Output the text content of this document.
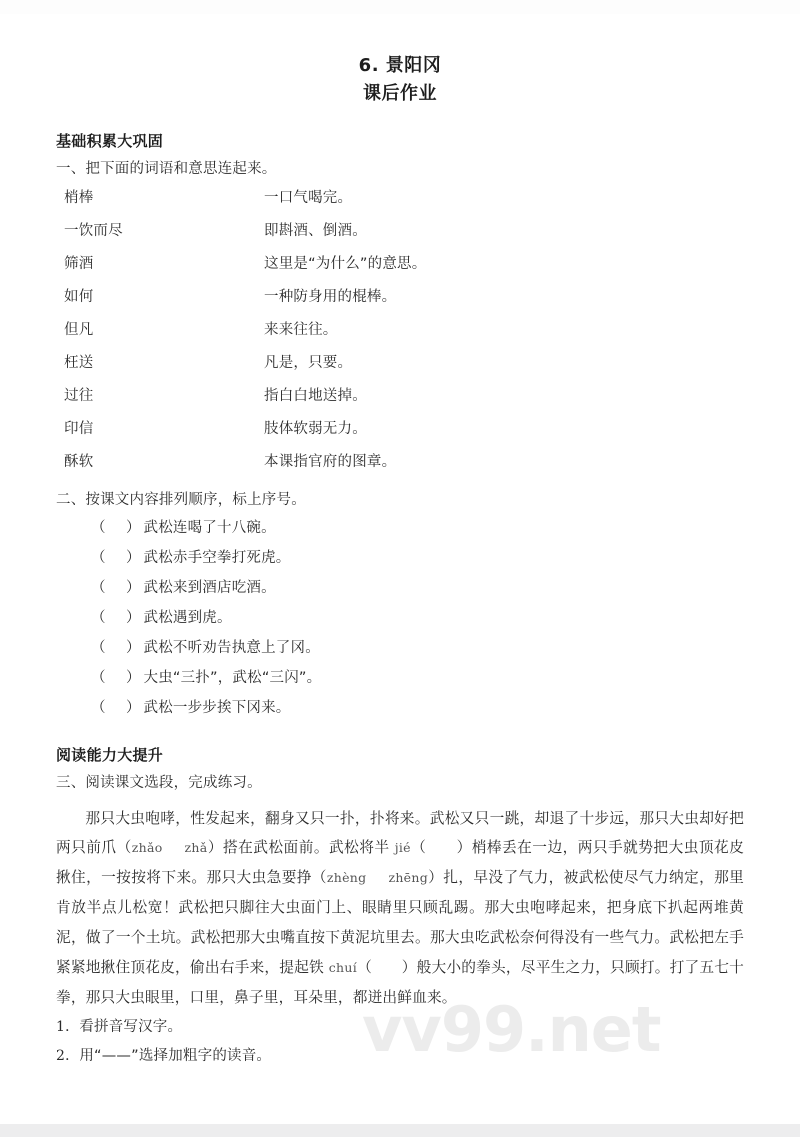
vv99.net
6. 景阳冈
课后作业
基础积累大巩固
一、把下面的词语和意思连起来。
梢棒	一口气喝完。
一饮而尽	即斟酒、倒酒。
筛酒	这里是“为什么”的意思。
如何	一种防身用的棍棒。
但凡	来来往往。
枉送	凡是，只要。
过往	指白白地送掉。
印信	肢体软弱无力。
酥软	本课指官府的图章。
二、按课文内容排列顺序，标上序号。
（　）武松连喝了十八碗。
（　）武松赤手空拳打死虎。
（　）武松来到酒店吃酒。
（　）武松遇到虎。
（　）武松不听劝告执意上了冈。
（　）大虫“三扑”，武松“三闪”。
（　）武松一步步挨下冈来。
阅读能力大提升
三、阅读课文选段，完成练习。
那只大虫咆哮，性发起来，翻身又只一扑，扑将来。武松又只一跳，却退了十步远，那只大虫却好把两只前爪（zhǎo zhǎ）搭在武松面前。武松将半 jié（　　）梢棒丢在一边，两只手就势把大虫顶花皮揪住，一按按将下来。那只大虫急要挣（zhèng zhēng）扎，早没了气力，被武松使尽气力纳定，那里肯放半点儿松宽！武松把只脚往大虫面门上、眼睛里只顾乱踢。那大虫咆哮起来，把身底下扒起两堆黄泥，做了一个土坑。武松把那大虫嘴直按下黄泥坑里去。那大虫吃武松奈何得没有一些气力。武松把左手紧紧地揪住顶花皮，偷出右手来，提起铁 chuí（　　）般大小的拳头，尽平生之力，只顾打。打了五七十拳，那只大虫眼里，口里，鼻子里，耳朵里，都迸出鲜血来。
1．看拼音写汉字。
2．用“——”选择加粗字的读音。
